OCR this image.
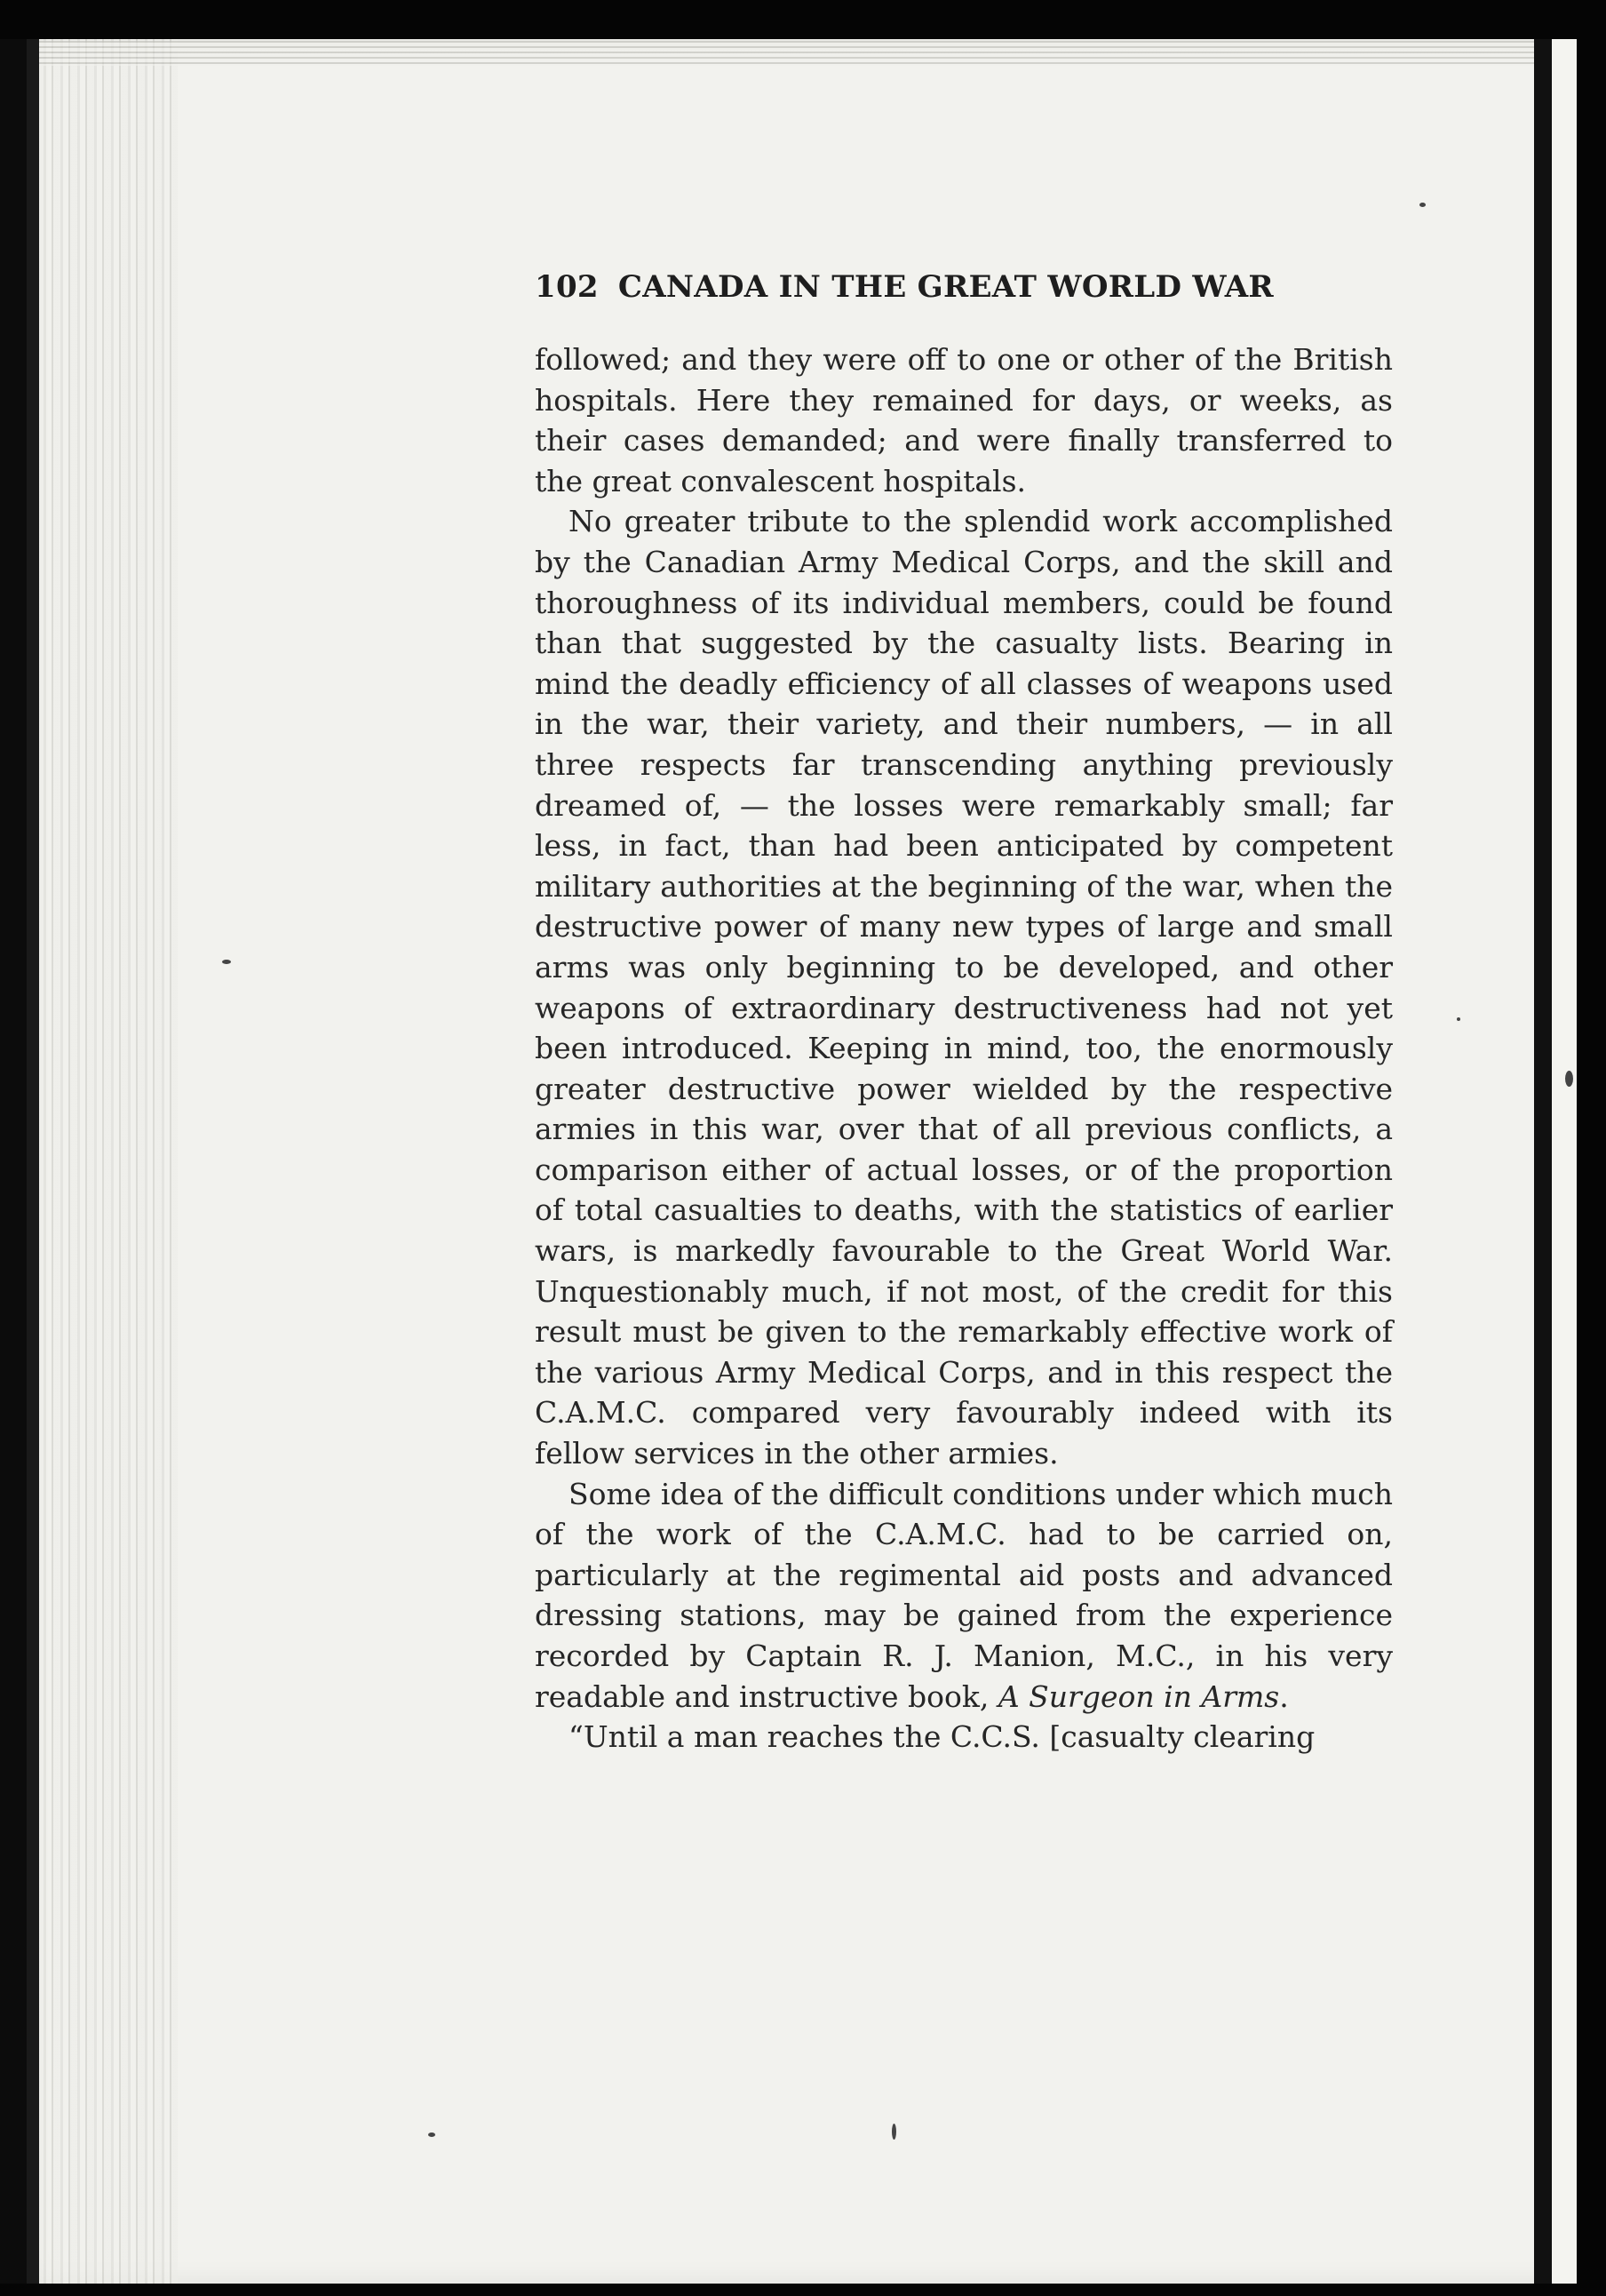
102 CANADA IN THE GREAT WORLD WAR

followed; and they were off to one or other of the British hospitals. Here they remained for days, or weeks, as their cases demanded; and were finally transferred to the great convalescent hospitals.

No greater tribute to the splendid work accomplished by the Canadian Army Medical Corps, and the skill and thoroughness of its individual members, could be found than that suggested by the casualty lists. Bearing in mind the deadly efficiency of all classes of weapons used in the war, their variety, and their numbers, — in all three respects far transcending anything previously dreamed of, — the losses were remarkably small; far less, in fact, than had been anticipated by competent military authorities at the beginning of the war, when the destructive power of many new types of large and small arms was only beginning to be developed, and other weapons of extraordinary destructiveness had not yet been introduced. Keeping in mind, too, the enormously greater destructive power wielded by the respective armies in this war, over that of all previous conflicts, a comparison either of actual losses, or of the proportion of total casualties to deaths, with the statistics of earlier wars, is markedly favourable to the Great World War. Unquestionably much, if not most, of the credit for this result must be given to the remarkably effective work of the various Army Medical Corps, and in this respect the C.A.M.C. compared very favourably indeed with its fellow services in the other armies.

Some idea of the difficult conditions under which much of the work of the C.A.M.C. had to be carried on, particularly at the regimental aid posts and advanced dressing stations, may be gained from the experience recorded by Captain R. J. Manion, M.C., in his very readable and instructive book, A Surgeon in Arms.

“Until a man reaches the C.C.S. [casualty clearing
